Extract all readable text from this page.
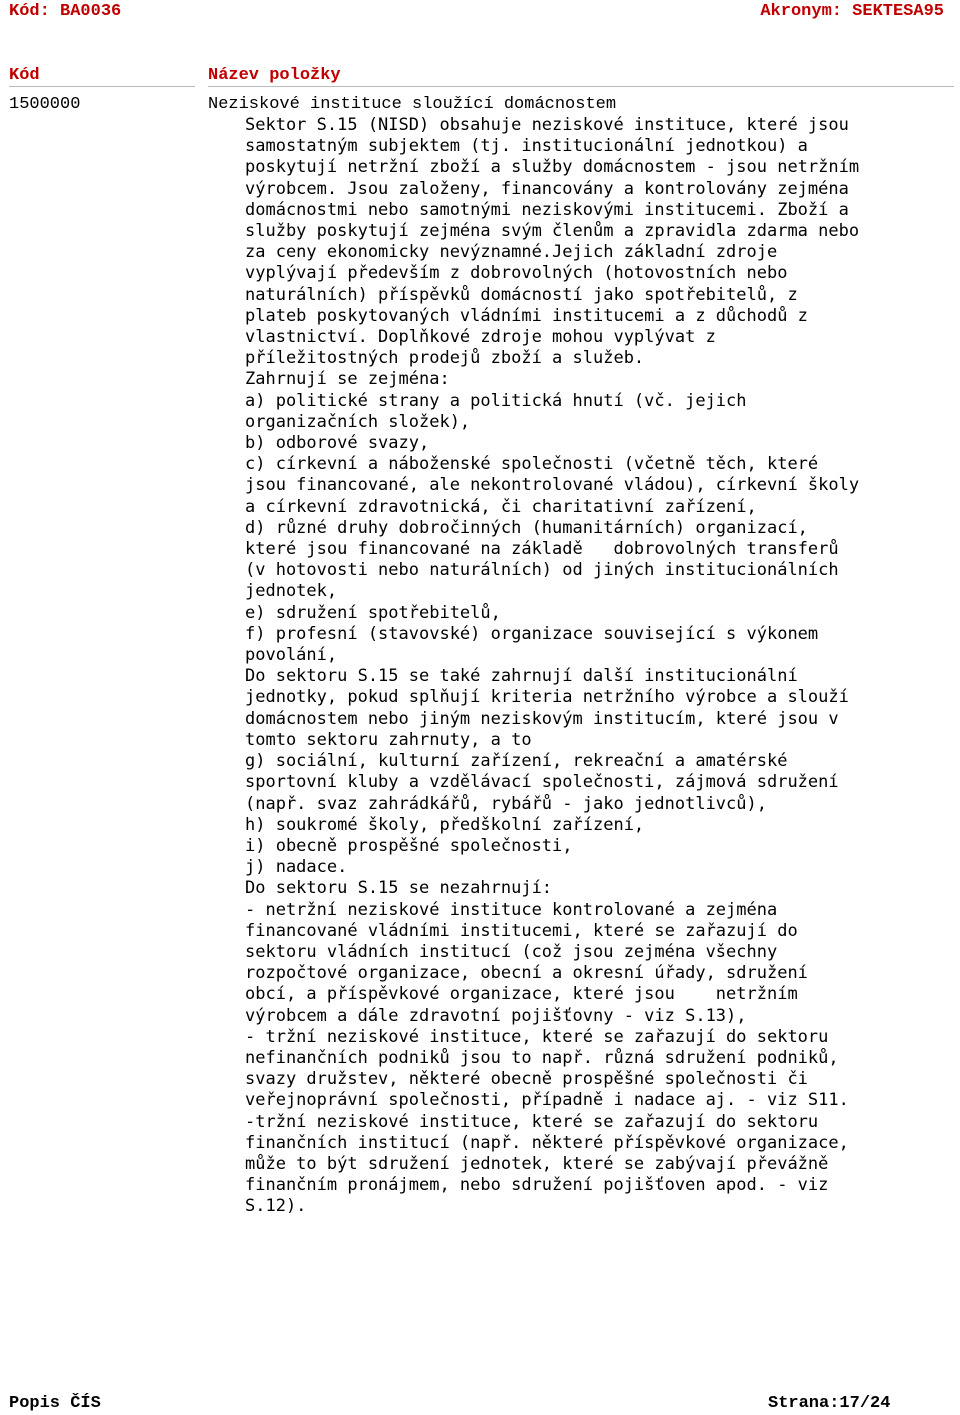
Kód: BA0036	Akronym: SEKTESA95
Kód	Název položky
1500000	Neziskové instituce sloužící domácnostem
Sektor S.15 (NISD) obsahuje neziskové instituce, které jsou
samostatným subjektem (tj. institucionální jednotkou) a
poskytují netržní zboží a služby domácnostem - jsou netržním
výrobcem. Jsou založeny, financovány a kontrolovány zejména
domácnostmi nebo samotnými neziskovými institucemi. Zboží a
služby poskytují zejména svým členům a zpravidla zdarma nebo
za ceny ekonomicky nevýznamné.Jejich základní zdroje
vyplývají především z dobrovolných (hotovostních nebo
naturálních) příspěvků domácností jako spotřebitelů, z
plateb poskytovaných vládními institucemi a z důchodů z
vlastnictví. Doplňkové zdroje mohou vyplývat z
příležitostných prodejů zboží a služeb.
Zahrnují se zejména:
a) politické strany a politická hnutí (vč. jejich
organizačních složek),
b) odborové svazy,
c) církevní a náboženské společnosti (včetně těch, které
jsou financované, ale nekontrolované vládou), církevní školy
a církevní zdravotnická, či charitativní zařízení,
d) různé druhy dobročinných (humanitárních) organizací,
které jsou financované na základě   dobrovolných transferů
(v hotovosti nebo naturálních) od jiných institucionálních
jednotek,
e) sdružení spotřebitelů,
f) profesní (stavovské) organizace související s výkonem
povolání,
Do sektoru S.15 se také zahrnují další institucionální
jednotky, pokud splňují kriteria netržního výrobce a slouží
domácnostem nebo jiným neziskovým institucím, které jsou v
tomto sektoru zahrnuty, a to
g) sociální, kulturní zařízení, rekreační a amatérské
sportovní kluby a vzdělávací společnosti, zájmová sdružení
(např. svaz zahrádkářů, rybářů - jako jednotlivců),
h) soukromé školy, předškolní zařízení,
i) obecně prospěšné společnosti,
j) nadace.
Do sektoru S.15 se nezahrnují:
- netržní neziskové instituce kontrolované a zejména
financované vládními institucemi, které se zařazují do
sektoru vládních institucí (což jsou zejména všechny
rozpočtové organizace, obecní a okresní úřady, sdružení
obcí, a příspěvkové organizace, které jsou    netržním
výrobcem a dále zdravotní pojišťovny - viz S.13),
- tržní neziskové instituce, které se zařazují do sektoru
nefinančních podniků jsou to např. různá sdružení podniků,
svazy družstev, některé obecně prospěšné společnosti či
veřejnoprávní společnosti, případně i nadace aj. - viz S11.
-tržní neziskové instituce, které se zařazují do sektoru
finančních institucí (např. některé příspěvkové organizace,
může to být sdružení jednotek, které se zabývají převážně
finančním pronájmem, nebo sdružení pojišťoven apod. - viz
S.12).
Popis ČÍS	Strana:17/24
